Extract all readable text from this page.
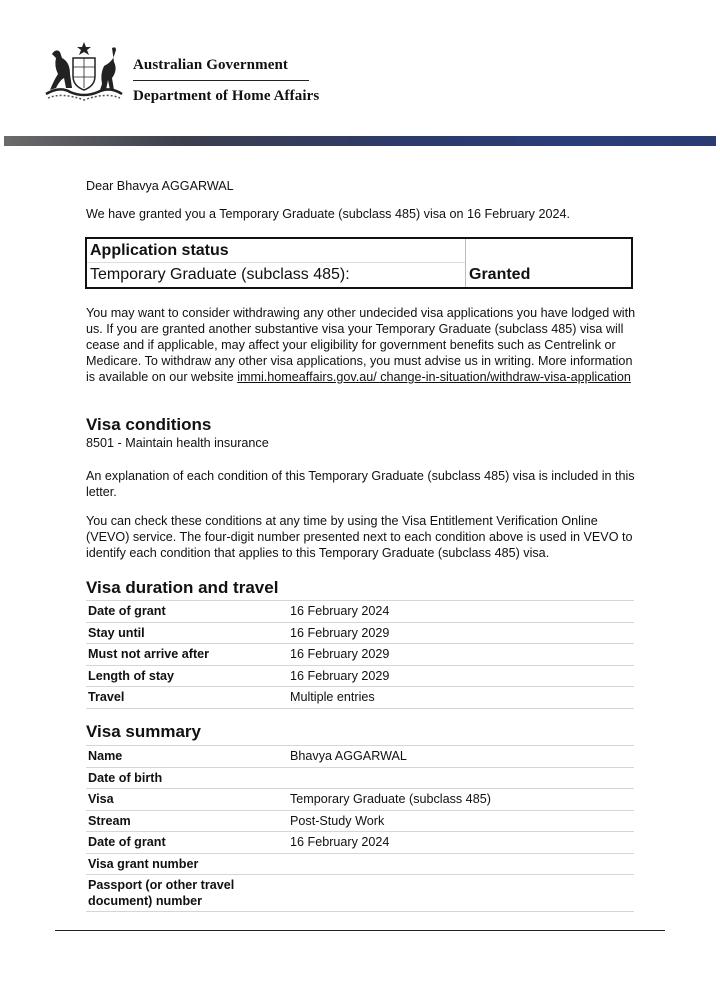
Australian Government
Department of Home Affairs

Dear Bhavya AGGARWAL

We have granted you a Temporary Graduate (subclass 485) visa on 16 February 2024.

Application status
Temporary Graduate (subclass 485):	Granted

You may want to consider withdrawing any other undecided visa applications you have lodged with us. If you are granted another substantive visa your Temporary Graduate (subclass 485) visa will cease and if applicable, may affect your eligibility for government benefits such as Centrelink or Medicare. To withdraw any other visa applications, you must advise us in writing. More information is available on our website immi.homeaffairs.gov.au/ change-in-situation/withdraw-visa-application

Visa conditions

8501 - Maintain health insurance

An explanation of each condition of this Temporary Graduate (subclass 485) visa is included in this letter.

You can check these conditions at any time by using the Visa Entitlement Verification Online (VEVO) service. The four-digit number presented next to each condition above is used in VEVO to identify each condition that applies to this Temporary Graduate (subclass 485) visa.

Visa duration and travel
Date of grant	16 February 2024
Stay until	16 February 2029
Must not arrive after	16 February 2029
Length of stay	16 February 2029
Travel	Multiple entries
Visa summary
Name	Bhavya AGGARWAL
Date of birth	
Visa	Temporary Graduate (subclass 485)
Stream	Post-Study Work
Date of grant	16 February 2024
Visa grant number	
Passport (or other travel document) number	
